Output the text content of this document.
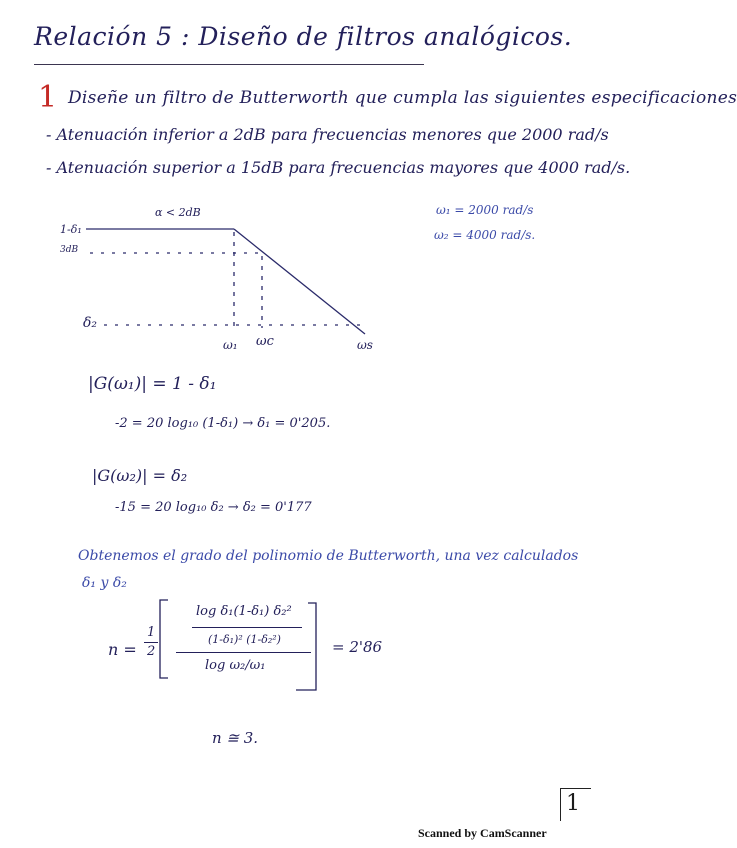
Relación 5 : Diseño de filtros analógicos.
1 Diseñe un filtro de Butterworth que cumpla las siguientes especificaciones
- Atenuación inferior a 2dB para frecuencias menores que 2000 rad/s
- Atenuación superior a 15dB para frecuencias mayores que 4000 rad/s.
α < 2dB
1-δ₁
3dB
δ₂
ω₁ ωc	ωs
ω₁ = 2000 rad/s
ω₂ = 4000 rad/s.
|G(ω₁)| = 1 - δ₁
-2 = 20 log₁₀ (1-δ₁) → δ₁ = 0'205.
|G(ω₂)| = δ₂
-15 = 20 log₁₀ δ₂ → δ₂ = 0'177
Obtenemos el grado del polinomio de Butterworth, una vez calculados
δ₁ y δ₂
n =
1
2
log δ₁(1-δ₁) δ₂²
(1-δ₁)² (1-δ₂²)
log ω₂/ω₁
= 2'86
n ≅ 3.
1
Scanned by CamScanner
